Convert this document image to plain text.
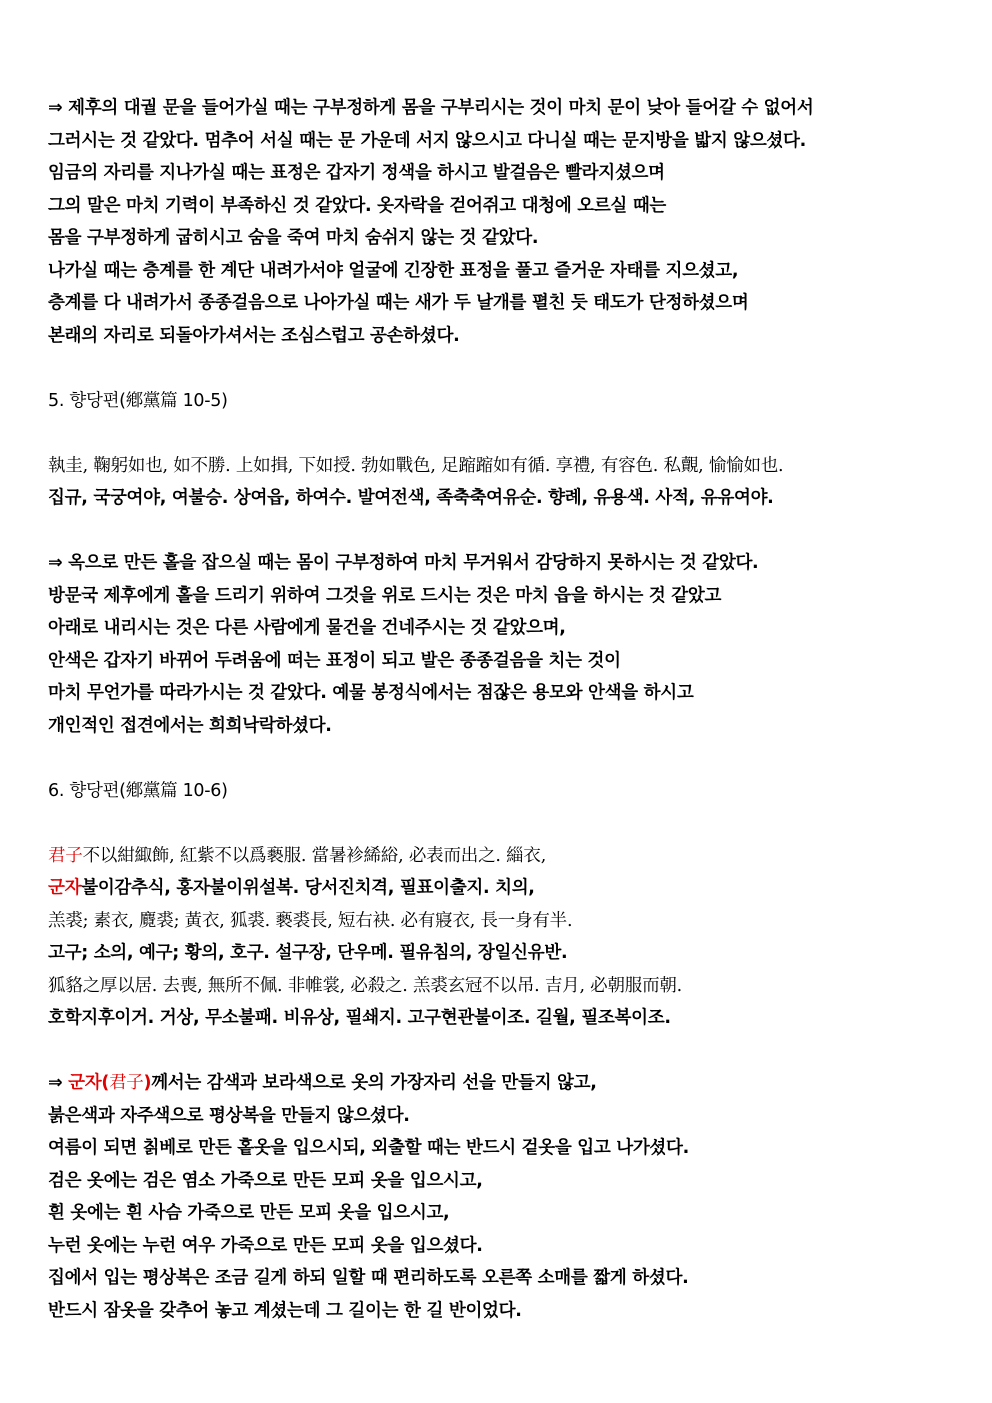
⇒ 제후의 대궐 문을 들어가실 때는 구부정하게 몸을 구부리시는 것이 마치 문이 낮아 들어갈 수 없어서
그러시는 것 같았다. 멈추어 서실 때는 문 가운데 서지 않으시고 다니실 때는 문지방을 밟지 않으셨다.
임금의 자리를 지나가실 때는 표정은 갑자기 정색을 하시고 발걸음은 빨라지셨으며
그의 말은 마치 기력이 부족하신 것 같았다. 옷자락을 걷어쥐고 대청에 오르실 때는
몸을 구부정하게 굽히시고 숨을 죽여 마치 숨쉬지 않는 것 같았다.
나가실 때는 층계를 한 계단 내려가서야 얼굴에 긴장한 표정을 풀고 즐거운 자태를 지으셨고,
층계를 다 내려가서 종종걸음으로 나아가실 때는 새가 두 날개를 펼친 듯 태도가 단정하셨으며
본래의 자리로 되돌아가셔서는 조심스럽고 공손하셨다.
5. 향당편(鄕黨篇 10-5)
執圭, 鞠躬如也, 如不勝. 上如揖, 下如授. 勃如戰色, 足蹜蹜如有循. 享禮, 有容色. 私覿, 愉愉如也.
집규, 국궁여야, 여불승. 상여읍, 하여수. 발여전색, 족축축여유순. 향례, 유용색. 사적, 유유여야.
⇒ 옥으로 만든 홀을 잡으실 때는 몸이 구부정하여 마치 무거워서 감당하지 못하시는 것 같았다.
방문국 제후에게 홀을 드리기 위하여 그것을 위로 드시는 것은 마치 읍을 하시는 것 같았고
아래로 내리시는 것은 다른 사람에게 물건을 건네주시는 것 같았으며,
안색은 갑자기 바뀌어 두려움에 떠는 표정이 되고 발은 종종걸음을 치는 것이
마치 무언가를 따라가시는 것 같았다. 예물 봉정식에서는 점잖은 용모와 안색을 하시고
개인적인 접견에서는 희희낙락하셨다.
6. 향당편(鄕黨篇 10-6)
君子不以紺緅飾, 紅紫不以爲褻服. 當暑袗絺綌, 必表而出之. 緇衣,
군자불이감추식, 홍자불이위설복. 당서진치격, 필표이출지. 치의,
羔裘; 素衣, 麑裘; 黃衣, 狐裘. 褻裘長, 短右袂. 必有寢衣, 長一身有半.
고구; 소의, 예구; 황의, 호구. 설구장, 단우메. 필유침의, 장일신유반.
狐貉之厚以居. 去喪, 無所不佩. 非帷裳, 必殺之. 羔裘玄冠不以吊. 吉月, 必朝服而朝.
호학지후이거. 거상, 무소불패. 비유상, 필쇄지. 고구현관불이조. 길월, 필조복이조.
⇒ 군자(君子)께서는 감색과 보라색으로 옷의 가장자리 선을 만들지 않고,
붉은색과 자주색으로 평상복을 만들지 않으셨다.
여름이 되면 칡베로 만든 홑옷을 입으시되, 외출할 때는 반드시 겉옷을 입고 나가셨다.
검은 옷에는 검은 염소 가죽으로 만든 모피 옷을 입으시고,
흰 옷에는 흰 사슴 가죽으로 만든 모피 옷을 입으시고,
누런 옷에는 누런 여우 가죽으로 만든 모피 옷을 입으셨다.
집에서 입는 평상복은 조금 길게 하되 일할 때 편리하도록 오른쪽 소매를 짧게 하셨다.
반드시 잠옷을 갖추어 놓고 계셨는데 그 길이는 한 길 반이었다.
